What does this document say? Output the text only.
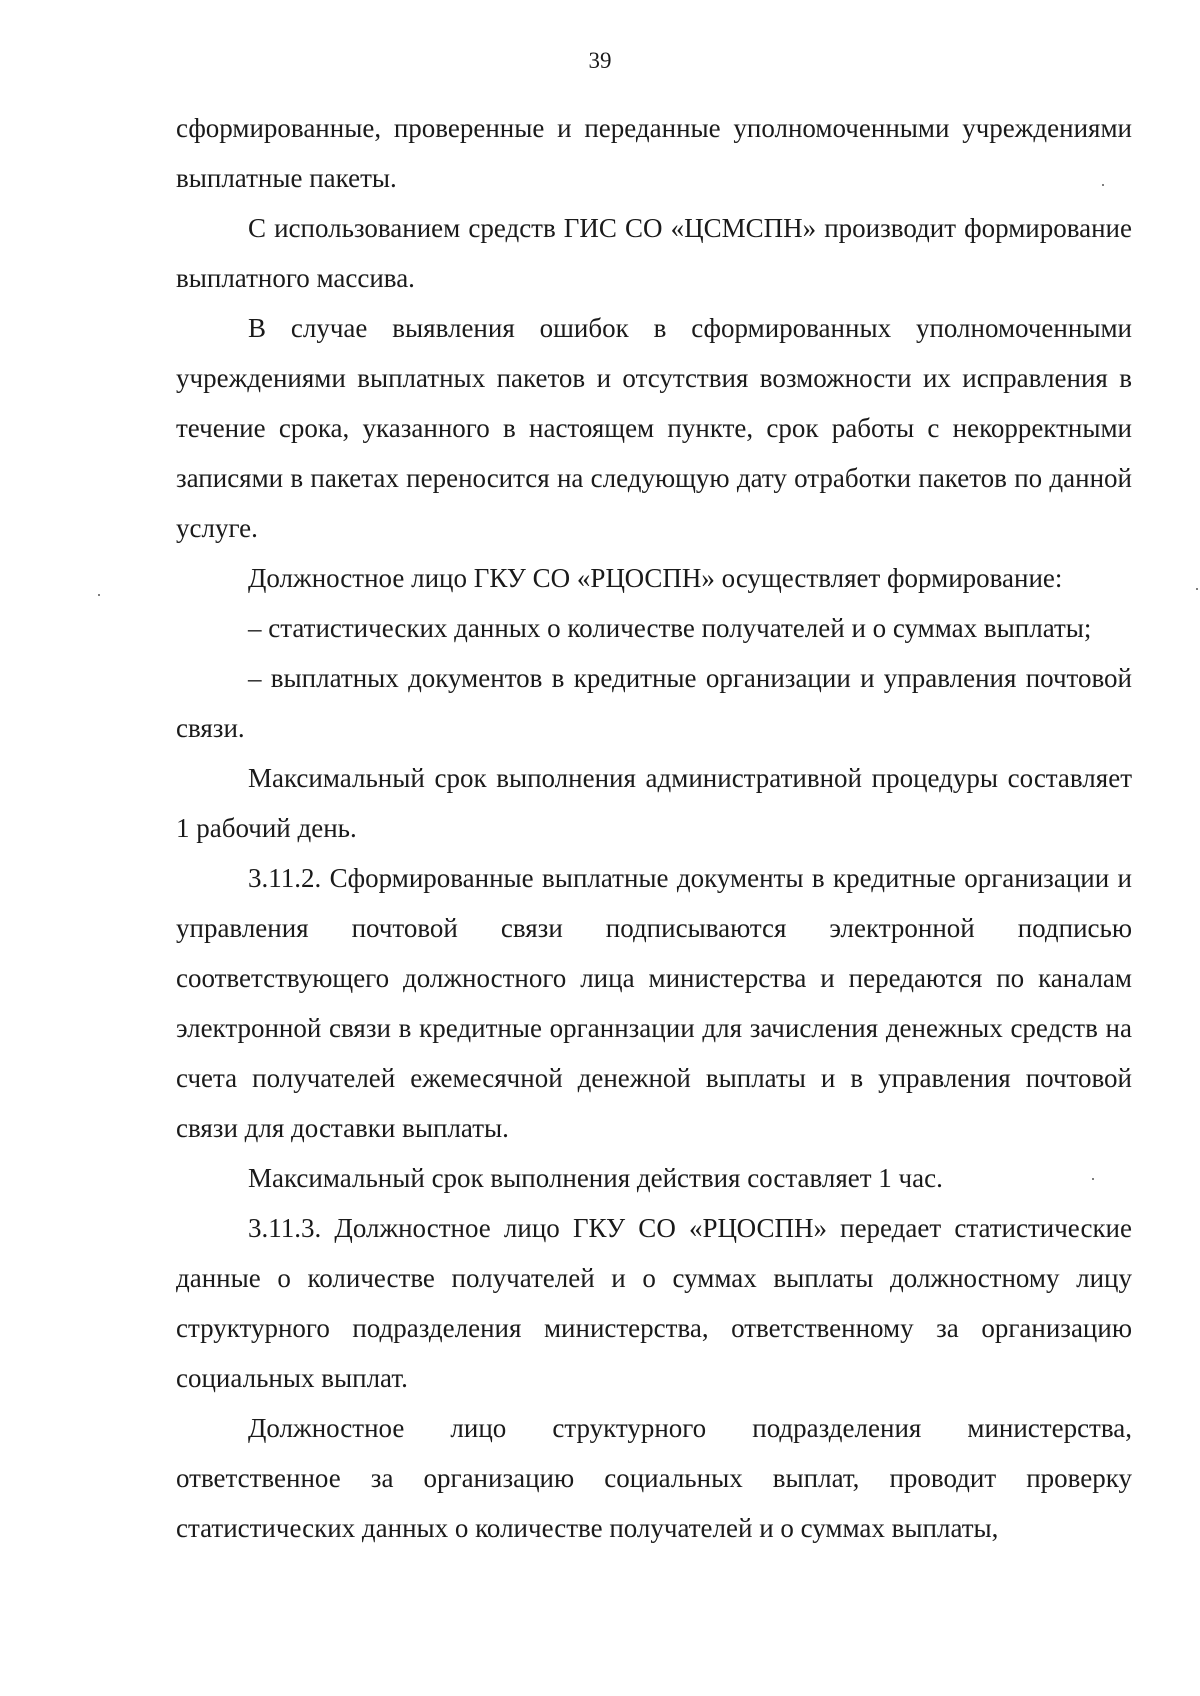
39

сформированные, проверенные и переданные уполномоченными учреждениями выплатные пакеты.

С использованием средств ГИС СО «ЦСМСПН» производит формирование выплатного массива.

В случае выявления ошибок в сформированных уполномоченными учреждениями выплатных пакетов и отсутствия возможности их исправления в течение срока, указанного в настоящем пункте, срок работы с некорректными записями в пакетах переносится на следующую дату отработки пакетов по данной услуге.

Должностное лицо ГКУ СО «РЦОСПН» осуществляет формирование:

– статистических данных о количестве получателей и о суммах выплаты;

– выплатных документов в кредитные организации и управления почтовой связи.

Максимальный срок выполнения административной процедуры составляет 1 рабочий день.

3.11.2. Сформированные выплатные документы в кредитные организации и управления почтовой связи подписываются электронной подписью соответствующего должностного лица министерства и передаются по каналам электронной связи в кредитные органнзации для зачисления денежных средств на счета получателей ежемесячной денежной выплаты и в управления почтовой связи для доставки выплаты.

Максимальный срок выполнения действия составляет 1 час.

3.11.3. Должностное лицо ГКУ СО «РЦОСПН» передает статистические данные о количестве получателей и о суммах выплаты должностному лицу структурного подразделения министерства, ответственному за организацию социальных выплат.

Должностное лицо структурного подразделения министерства, ответственное за организацию социальных выплат, проводит проверку статистических данных о количестве получателей и о суммах выплаты,
